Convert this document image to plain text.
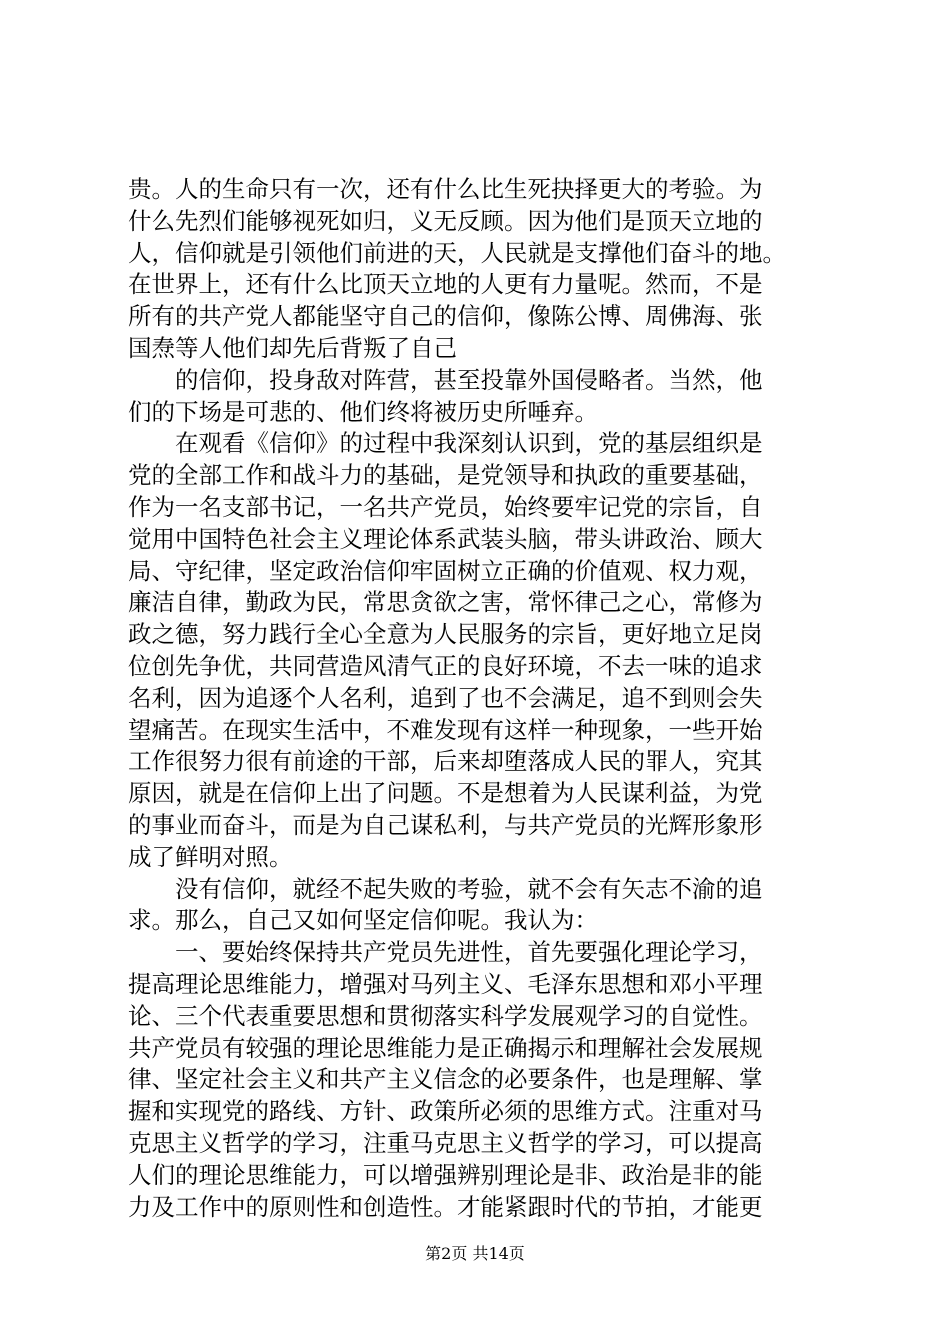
贵。人的生命只有一次，还有什么比生死抉择更大的考验。为
什么先烈们能够视死如归，义无反顾。因为他们是顶天立地的
人，信仰就是引领他们前进的天，人民就是支撑他们奋斗的地。
在世界上，还有什么比顶天立地的人更有力量呢。然而，不是
所有的共产党人都能坚守自己的信仰，像陈公博、周佛海、张
国焘等人他们却先后背叛了自己
　　的信仰，投身敌对阵营，甚至投靠外国侵略者。当然，他
们的下场是可悲的、他们终将被历史所唾弃。
　　在观看《信仰》的过程中我深刻认识到，党的基层组织是
党的全部工作和战斗力的基础，是党领导和执政的重要基础，
作为一名支部书记，一名共产党员，始终要牢记党的宗旨，自
觉用中国特色社会主义理论体系武装头脑，带头讲政治、顾大
局、守纪律，坚定政治信仰牢固树立正确的价值观、权力观，
廉洁自律，勤政为民，常思贪欲之害，常怀律己之心，常修为
政之德，努力践行全心全意为人民服务的宗旨，更好地立足岗
位创先争优，共同营造风清气正的良好环境，不去一味的追求
名利，因为追逐个人名利，追到了也不会满足，追不到则会失
望痛苦。在现实生活中，不难发现有这样一种现象，一些开始
工作很努力很有前途的干部，后来却堕落成人民的罪人，究其
原因，就是在信仰上出了问题。不是想着为人民谋利益，为党
的事业而奋斗，而是为自己谋私利，与共产党员的光辉形象形
成了鲜明对照。
　　没有信仰，就经不起失败的考验，就不会有矢志不渝的追
求。那么，自己又如何坚定信仰呢。我认为：
　　一、要始终保持共产党员先进性，首先要强化理论学习，
提高理论思维能力，增强对马列主义、毛泽东思想和邓小平理
论、三个代表重要思想和贯彻落实科学发展观学习的自觉性。
共产党员有较强的理论思维能力是正确揭示和理解社会发展规
律、坚定社会主义和共产主义信念的必要条件，也是理解、掌
握和实现党的路线、方针、政策所必须的思维方式。注重对马
克思主义哲学的学习，注重马克思主义哲学的学习，可以提高
人们的理论思维能力，可以增强辨别理论是非、政治是非的能
力及工作中的原则性和创造性。才能紧跟时代的节拍，才能更
第2页 共14页
